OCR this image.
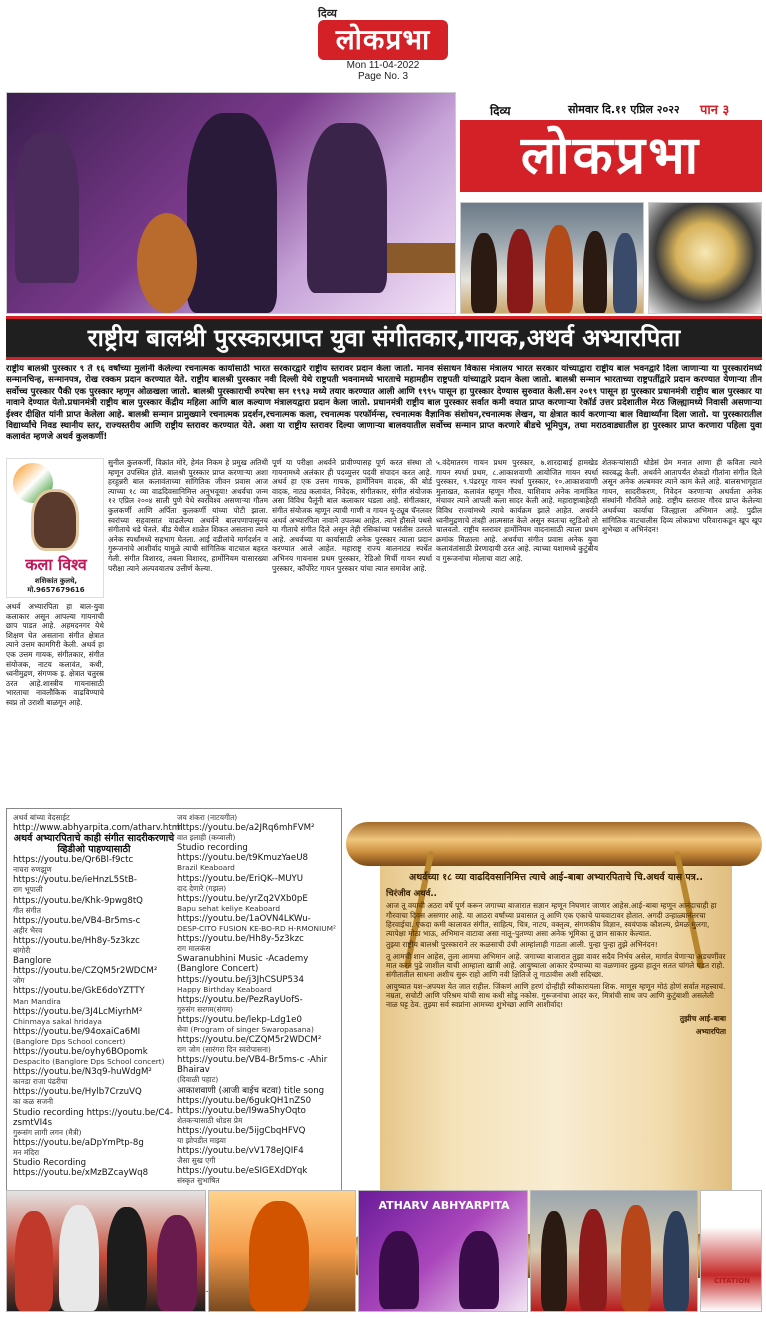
दिव्य
लोकप्रभा
Mon 11-04-2022
Page No. 3
दिव्य	सोमवार दि.११ एप्रिल २०२२ पान ३
लोकप्रभा
राष्ट्रीय बालश्री पुरस्कारप्राप्त युवा संगीतकार,गायक,अथर्व अभ्यारपिता
राष्ट्रीय बालश्री पुरस्कार ९ ते १६ वर्षांच्या मुलांनी केलेल्या रचनात्मक कार्यासाठी भारत सरकारद्वारे राष्ट्रीय स्तरावर प्रदान केला जातो. मानव संसाधन विकास मंत्रालय भारत सरकार यांच्याद्वारा राष्ट्रीय बाल भवनद्वारे दिला जाणाऱ्या या पुरस्कारांमध्ये सन्मानचिन्ह, सन्मानपत्र, रोख रक्कम प्रदान करण्यात येते. राष्ट्रीय बालश्री पुरस्कार नवी दिल्ली येथे राष्ट्रपती भवनामध्ये भारताचे महामहीम राष्ट्रपती यांच्याद्वारे प्रदान केला जातो. बालश्री सन्मान भारताच्या राष्ट्रपतींद्वारे प्रदान करण्यात येणाऱ्या तीन सर्वोच्च पुरस्कार पैकी एक पुरस्कार म्हणून ओळखला जातो. बालश्री पुरस्काराची रुपरेषा सन १९९३ मध्ये तयार करण्यात आली आणि १९९५ पासून हा पुरस्कार देण्यास सुरुवात केली.सन २०१९ पासून हा पुरस्कार प्रधानमंत्री राष्ट्रीय बाल पुरस्कार या नावाने देण्यात येतो.प्रधानमंत्री राष्ट्रीय बाल पुरस्कार केंद्रीय महिला आणि बाल कल्याण मंत्रालयद्वारा प्रदान केला जातो. प्रधानमंत्री राष्ट्रीय बाल पुरस्कार सर्वात कमी वयात प्राप्त करणाऱ्या रेकॉर्ड उत्तर प्रदेशातील मेरठ जिल्ह्यामध्ये निवासी असणाऱ्या ईश्वर दीक्षित यांनी प्राप्त केलेला आहे. बालश्री सन्मान प्रामुख्याने रचनात्मक प्रदर्शन,रचनात्मक कला, रचनात्मक परफॉर्मन्स, रचनात्मक वैज्ञानिक संशोधन,रचनात्मक लेखन, या क्षेत्रात कार्य करणाऱ्या बाल विद्यार्थ्यांना दिला जातो. या पुरस्कारातील विद्यार्थ्यांचे निवड स्थानीय स्तर, राज्यस्तरीय आणि राष्ट्रीय स्तरावर करण्यात येते. अशा या राष्ट्रीय स्तरावर दिल्या जाणाऱ्या बालवयातील सर्वोच्च सन्मान प्राप्त करणारे बीडचे भूमिपुत्र, तथा मराठवाड्यातील हा पुरस्कार प्राप्त करणारा पहिला युवा कलावंत म्हणजे अथर्व कुलकर्णी!
कला विश्व
शशिकांत कुलथे, मो.9657679616
अथर्व अभ्यारपिता हा बाल-युवा कलाकार असून आपल्या गायनाची छाप पाडत आहे. अहमदनगर येथे शिक्षण घेत असताना संगीत क्षेत्रात त्याने उत्तम कामगिरी केली. अथर्व हा एक उत्तम गायक, संगीतकार, संगीत संयोजक, नाटय कलावंत, कथी, ध्वनीमुद्रण, संगणक इ. क्षेत्रात चतुरस्र ठरत आहे.शास्त्रीय गायनासाठी भारताचा नावलौकिक वाढविण्याचे स्वप्न तो उराशी बाळगून आहे.
सुनील कुलकर्णी, विक्रांत मोरे, हेमंत निकम हे प्रमुख अतिथी म्हणून उपस्थित होते. बालश्री पुरस्कार प्राप्त करणाऱ्या अशा हरहुन्नरी बाल कलावंताच्या सांगितिक जीवन प्रवास आज त्याच्या १८ व्या वाढदिवसानिमित्त अनुभवूया! अथर्वचा जन्म १२ एप्रिल २००४ साली पुणे येथे स्वरविश्व असणाऱ्या गौतम कुलकर्णी आणि अर्पिता कुलकर्णी यांच्या पोटी झाला. स्वरांच्या सहवासात वाढलेल्या अथर्वने बालपणापासूनच संगीताचे धडे घेतले. बीड येथील शाळेत शिकत असताना त्याने अनेक स्पर्धांमध्ये सहभाग घेतला. आई वडीलांचे मार्गदर्शन व गुरूजनांचे आशीर्वाद यामुळे त्याची सांगितिक वाटचाल बहरत गेली. संगीत विशारद, तबला विशारद, हार्मोनियम यासारख्या परीक्षा त्याने अल्पवयातच उत्तीर्ण केल्या.
पूर्ण या परीक्षा अथर्वने प्रावीण्यासह पूर्ण करत संस्था तो गायनामध्ये अलंकार ही पदव्युत्तर पदवी संपादन करत आहे. अथर्व हा एक उत्तम गायक, हार्मोनियम वादक, की बोर्ड वादक, नाट्य कलावंत, निवेदक, संगीतकार, संगीत संयोजक असा विविध पैलूंनी बाल कलाकार घडला आहे. संगीतकार, संगीत संयोजक म्हणून त्याची गाणी व गायन यू-ट्यूब चॅनलवर अथर्व अभ्यारपिता नावाने उपलब्ध आहेत. त्याने हौसले पथसे या गीताचे संगीत दिले असून तेही रसिकांच्या पसंतीस उतरले आहे. अथर्वच्या या कार्यासाठी अनेक पुरस्कार त्याला प्रदान करण्यात आले आहेत. महाराष्ट्र राज्य बालनाट्य स्पर्धेत अभिनय गायनास प्रथम पुरस्कार, रेडिओ मिर्ची गायन स्पर्धा पुरस्कार, कॉर्पोरेट गायन पुरस्कार यांचा त्यात समावेश आहे.
५.वंदेमातरम गायन प्रथम पुरस्कार, ७.शारदाबाई हामखेड गायन स्पर्धा प्रथम, ८.आकाशवाणी आयोजित गायन स्पर्धा पुरस्कार, ९.पंढरपूर गायन स्पर्धा पुरस्कार, १०.आकाशवाणी मुलाखत, कलावंत म्हणून गौरव. याशिवाय अनेक नामांकित मंचावर त्याने आपली कला सादर केली आहे. महाराष्ट्राबाहेरही विविध राज्यांमध्ये त्याचे कार्यक्रम झाले आहेत. अथर्वने ध्वनीमुद्रणाचे तंत्रही आत्मसात केले असून स्वतःचा स्टुडिओ तो चालवतो. राष्ट्रीय स्तरावर हार्मोनियम वादनासाठी त्याला प्रथम क्रमांक मिळाला आहे. अथर्वचा संगीत प्रवास अनेक युवा कलावंतांसाठी प्रेरणादायी ठरत आहे. त्याच्या यशामध्ये कुटुंबीय व गुरूजनांचा मोलाचा वाटा आहे.
शेतकऱ्यांसाठी थोडेसं प्रेम मनात आणा ही कविता त्याने स्वरबद्ध केली. अथर्वने आतापर्यंत शेकडो गीतांना संगीत दिले असून अनेक अल्बमवर त्याने काम केले आहे. बालसभागृहात गायन, सादरीकरण, निवेदन करणाऱ्या अथर्वला अनेक संस्थांनी गौरविले आहे. राष्ट्रीय स्तरावर गौरव प्राप्त केलेल्या अथर्वच्या कार्याचा जिल्ह्याला अभिमान आहे. पुढील सांगितिक वाटचालीस दिव्य लोकप्रभा परिवाराकडून खूप खूप शुभेच्छा व अभिनंदन!
अथर्व बांच्या वेदसाईट
http://www.abhyarpita.com/atharv.html
अथर्व अभ्यारपिताचे काही संगीत सादरीकरणाचे व्हिडीओ पाहण्यासाठी
https://youtu.be/Qr6Bl-f9ctc
नाचरा रुणझुण
https://youtu.be/ieHnzL5StB-
राग भूपाली
https://youtu.be/Khk-9pwg8tQ
गीत संगीत
https://youtu.be/VB4-Br5ms-c
अहीर भैरव
https://youtu.be/Hh8y-5z3kzc
बांगोरी
Banglore https://youtu.be/CZQM5r2WDCM²
जोग
https://youtu.be/GkE6doYZTTY
Man Mandira
https://youtu.be/3J4LcMiyrhM²
Chinmaya sakal hridaya
https://youtu.be/94oxaiCa6MI
(Banglore Dps School concert)
https://youtu.be/oyhy6BOpomk
Despacito (Banglore Dps School concert)
https://youtu.be/N3q9-huWdgM²
कानडा राजा पंढरीचा
https://youtu.be/Hylb7CrzuVQ
का कळ सजनी
Studio recording https://youtu.be/C4-zsmtVI4s
गुरूसंग लागी लगन (मैत्री)
https://youtu.be/aDpYmPtp-8g
मन मंदिरा
Studio Recording https://youtu.be/xMzBZcayWq8
जय शंकरा (नाटयगीत)
https://youtu.be/a2JRq6mhFVM²
वात इलाही (कव्वाली)
Studio recording https://youtu.be/t9KmuzYaeU8
Brazil Keaboard
https://youtu.be/EriQK--MUYU
दाद देणारे (गझल)
https://youtu.be/yrZq2VXb0pE
Bapu sehat keliye Keaboard
https://youtu.be/1aOVN4LKWu-
DESP-CITO FUSION KE-BO-RD H-RMONIUM²
https://youtu.be/Hh8y-5z3kzc
राग मालकंस
Swaranubhini Music -Academy (Banglore Concert)
https://youtu.be/j3JhCSUP534
Happy Birthday Keaboard
https://youtu.be/PezRayUofS-
गुरुसंग सरगम(संगम)
https://youtu.be/lekp-Ldg1e0
सेवा (Program of singer Swaropasana)
https://youtu.be/CZQM5r2WDCM²
राग जोग (सारंगरा दिन स्वरोपासना)
https://youtu.be/VB4-Br5ms-c -Ahir Bhairav
(दिवाळी पहाट)
आकाशवाणी (आजी बाईच बटवा) title song
https://youtu.be/6gukQH1nZS0
https://youtu.be/I9waShyOqto
शेतकऱ्यासाठी थोडस प्रेम
https://youtu.be/5ijgCbqHFVQ
या झोपडीत माझ्या
https://youtu.be/vV178eJQIF4
जैसा सुख एगी
https://youtu.be/eSIGEXdDYqk
संस्कृत सुभाषित
अथर्वच्या १८ व्या वाढदिवसानिमित्त त्याचे आई–बाबा अभ्यारपिताचे चि.अथर्व यास पत्र..
चिरंजीव अथर्व..

आज तू वयाची अठरा वर्षे पूर्ण करून जगाच्या बाजारात सज्ञान म्हणून निघणार जाणार आहेस.आई–बाबा म्हणून आनंदाचाही हा गौरवाचा दिवस असणार आहे. या आठरा वर्षांच्या प्रवासात तू आणि एक एकाचे पायवाटावर होतात. अगदी उन्हाळ्यानंतरचा हिरवाईचा. एकदा कमी कालावत संगीत, साहित्य, चित्र, नाटय, वक्तृत्व, संगणकीय विज्ञान, स्वयंपाक कौशल्य, प्रेमळ मुलगा, त्यापेक्षा मोठा भाऊ, अभिमान वाटावा असा नातू–पुतण्या असा अनेक भूमिका तू छान साकार केल्यात.

तुझ्या राष्ट्रीय बालश्री पुरस्काराने तर कळसाची उंची आम्हांलाही गाठता आली. पुन्हा पुन्हा तुझे अभिनंदन!

तू आमची शान आहेस, तुला आमचा अभिमान आहे. जगाच्या बाजारात तुझा वावर सदैव निर्भय असेल, मार्गात येणाऱ्या अडचणींवर मात करत पुढे जाशील याची आम्हाला खात्री आहे. आयुष्याला आकार देण्याच्या या वळणावर तुझ्या हातून सतत चांगले घडत राहो. संगीतातील साधना अशीच सुरू राहो आणि नवी क्षितिजे तू गाठावीस अशी सदिच्छा.

आयुष्यात यश–अपयश येत जात राहील. जिंकणं आणि हरणं दोन्हीही स्वीकारायला शिक. माणूस म्हणून मोठं होणं सर्वात महत्त्वाचं. नम्रता, सचोटी आणि परिश्रम यांची साथ कधी सोडू नकोस. गुरूजनांचा आदर कर, मित्रांची साथ जप आणि कुटुंबाशी असलेली नाळ घट्ट ठेव. तुझ्या सर्व स्वप्नांना आमच्या शुभेच्छा आणि आशीर्वाद!

तुझीच आई–बाबा
अभ्यारपिता
ATHARV ABHYARPITA
CITATION
